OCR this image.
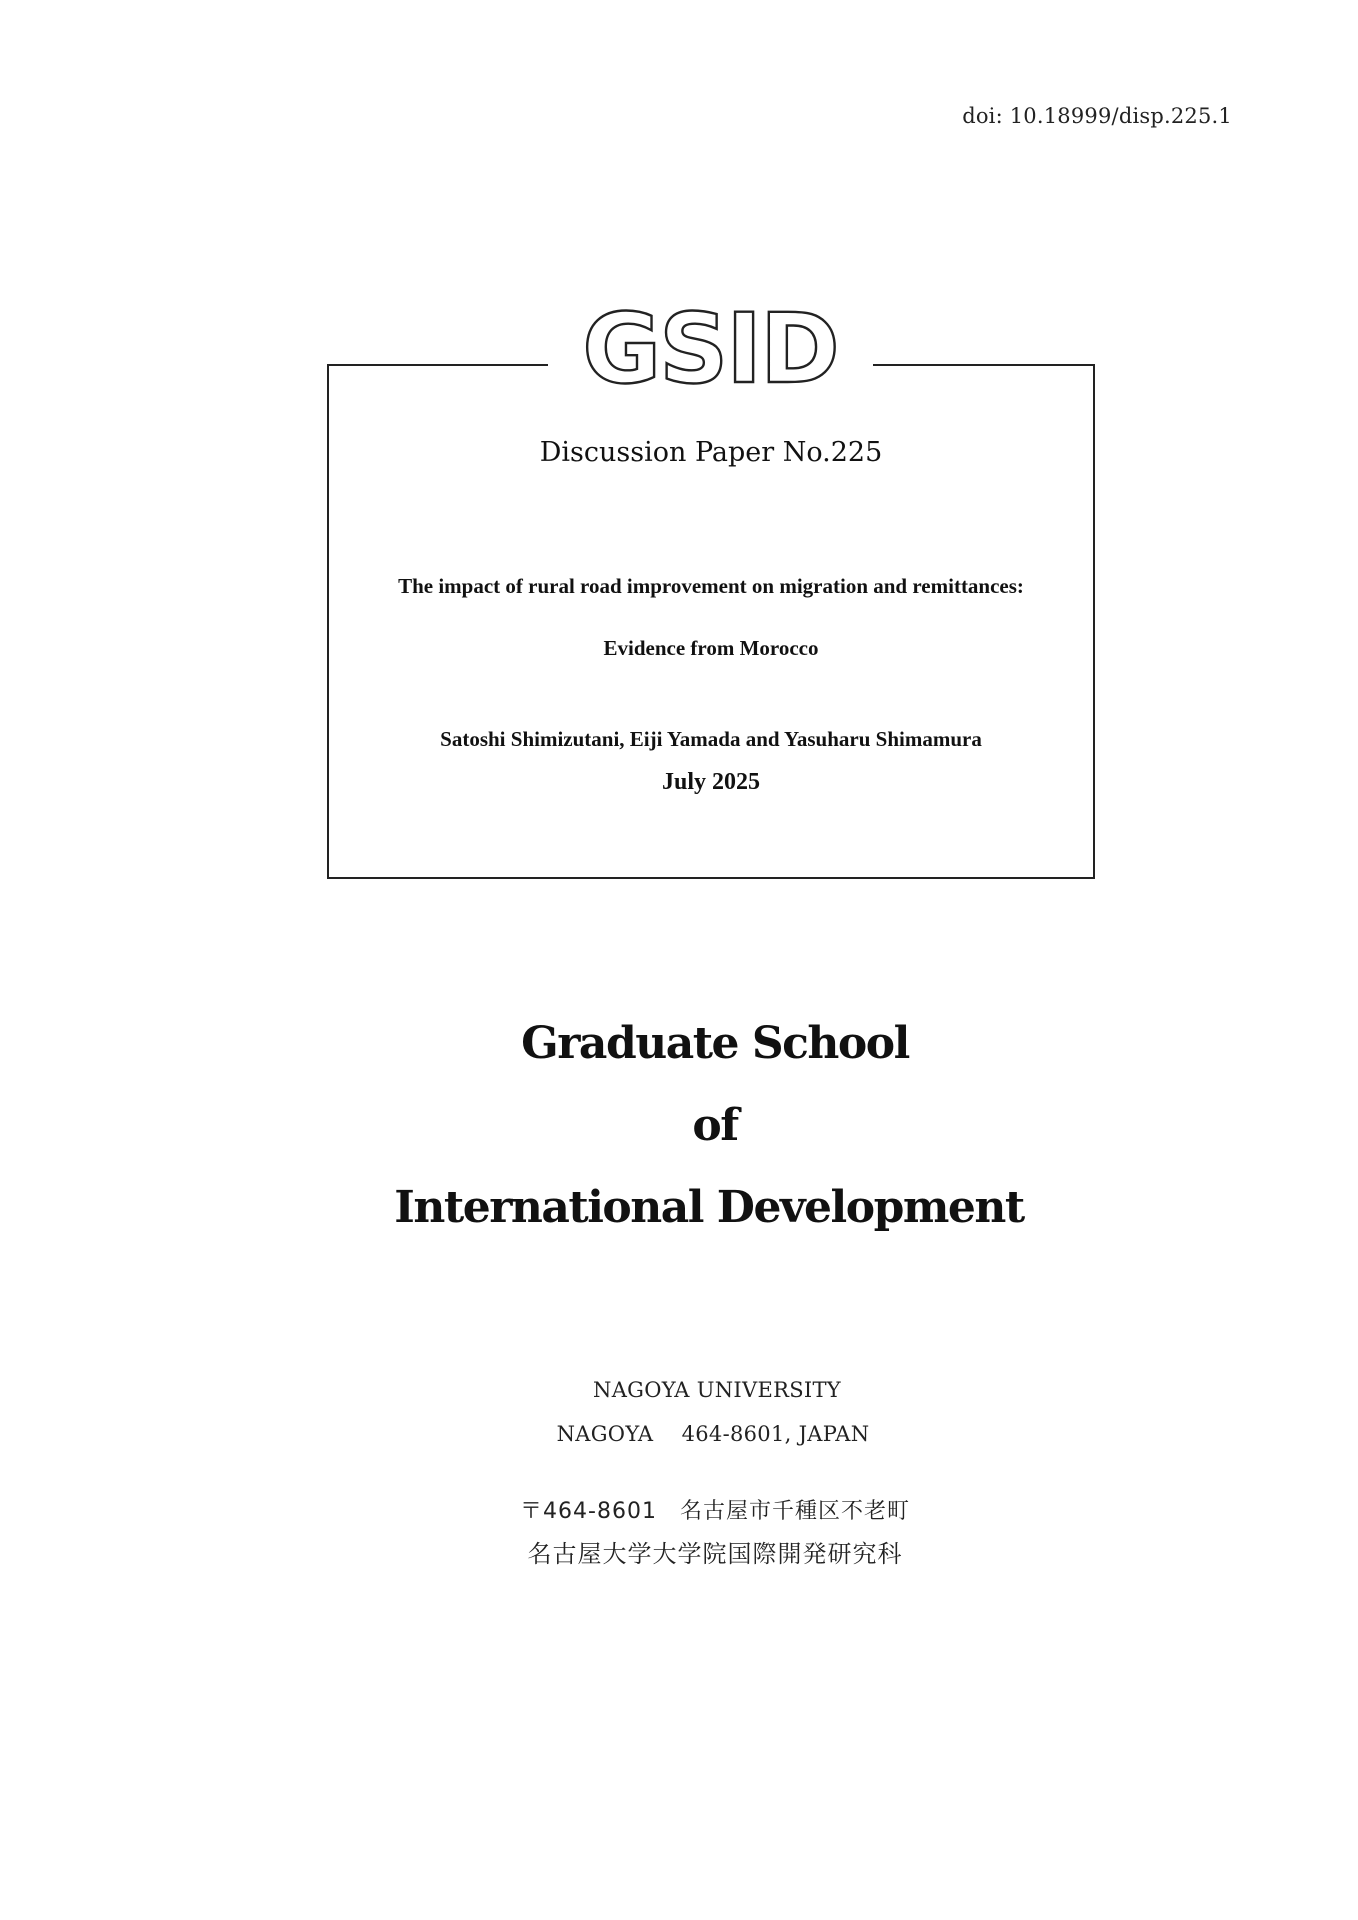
doi: 10.18999/disp.225.1
GSID
Discussion Paper No.225
The impact of rural road improvement on migration and remittances:
Evidence from Morocco
Satoshi Shimizutani, Eiji Yamada and Yasuharu Shimamura
July 2025
Graduate School
of
International Development
NAGOYA UNIVERSITY
NAGOYA　 464-8601, JAPAN
〒464-8601　名古屋市千種区不老町
名古屋大学大学院国際開発研究科
